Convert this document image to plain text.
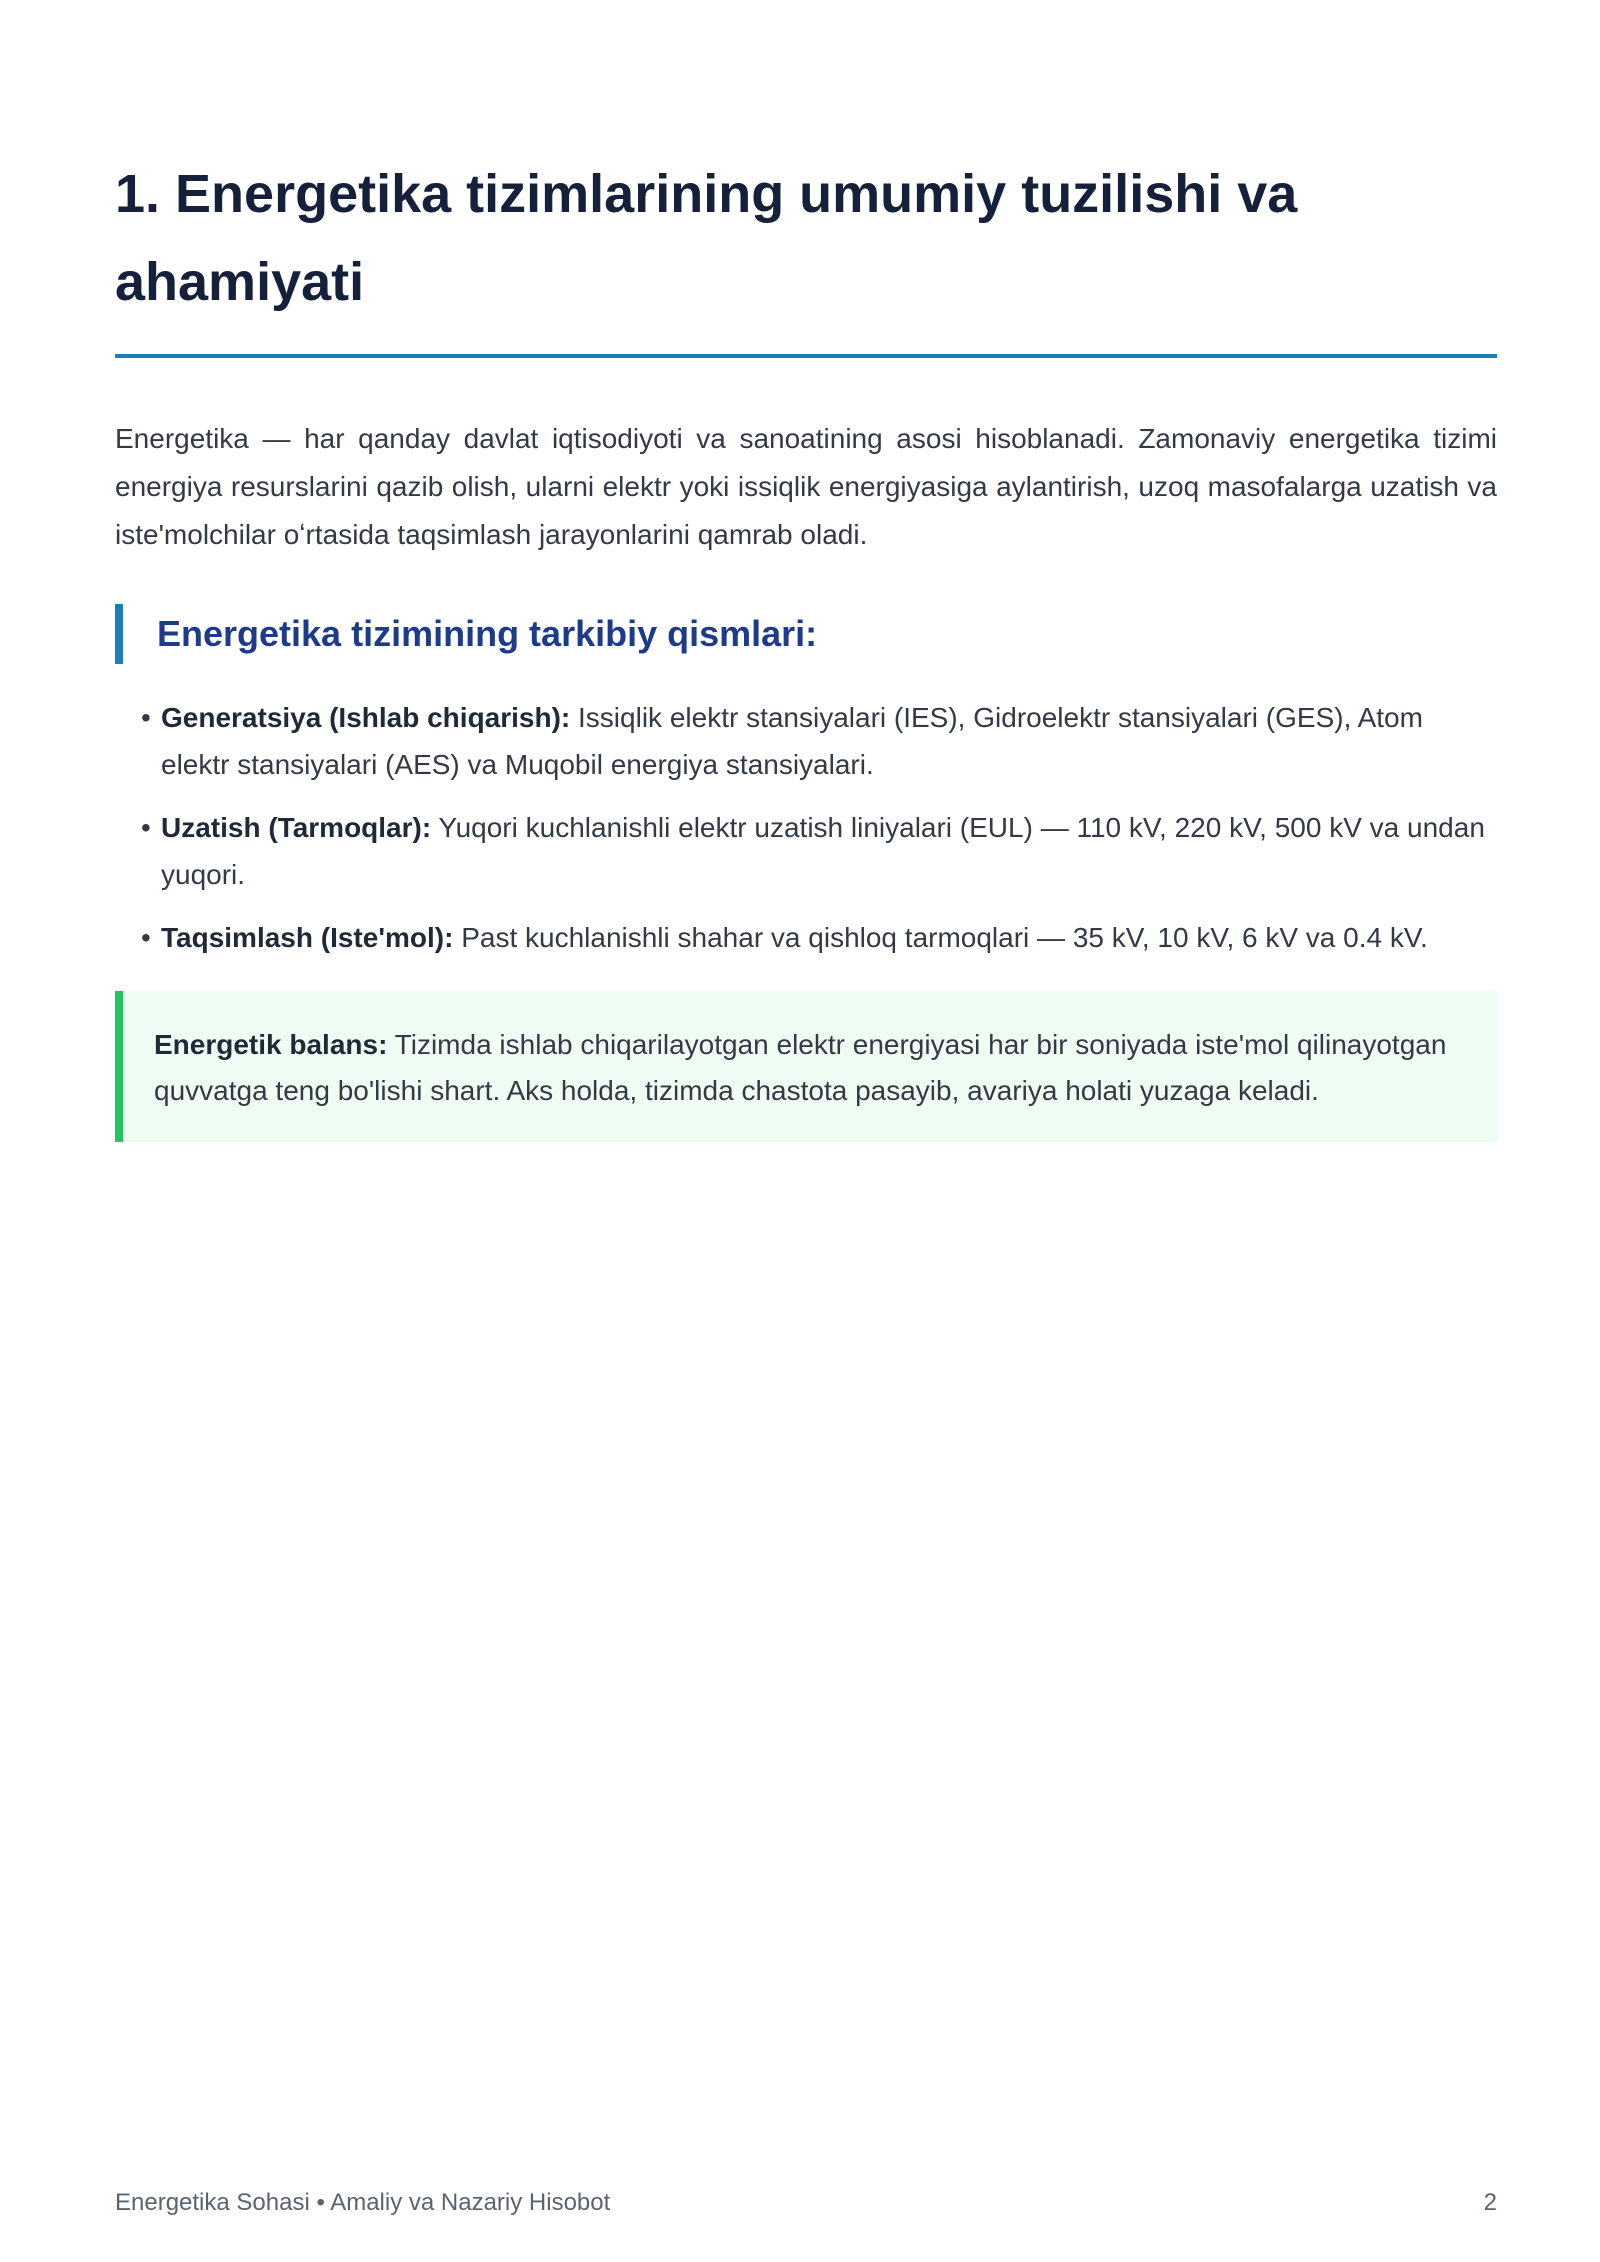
1. Energetika tizimlarining umumiy tuzilishi va ahamiyati

Energetika — har qanday davlat iqtisodiyoti va sanoatining asosi hisoblanadi. Zamonaviy energetika tizimi energiya resurslarini qazib olish, ularni elektr yoki issiqlik energiyasiga aylantirish, uzoq masofalarga uzatish va iste'molchilar oʻrtasida taqsimlash jarayonlarini qamrab oladi.

Energetika tizimining tarkibiy qismlari:
• Generatsiya (Ishlab chiqarish): Issiqlik elektr stansiyalari (IES), Gidroelektr stansiyalari (GES), Atom elektr stansiyalari (AES) va Muqobil energiya stansiyalari.
• Uzatish (Tarmoqlar): Yuqori kuchlanishli elektr uzatish liniyalari (EUL) — 110 kV, 220 kV, 500 kV va undan yuqori.
• Taqsimlash (Iste'mol): Past kuchlanishli shahar va qishloq tarmoqlari — 35 kV, 10 kV, 6 kV va 0.4 kV.
Energetik balans: Tizimda ishlab chiqarilayotgan elektr energiyasi har bir soniyada iste'mol qilinayotgan quvvatga teng bo'lishi shart. Aks holda, tizimda chastota pasayib, avariya holati yuzaga keladi.
Energetika Sohasi • Amaliy va Nazariy Hisobot	2
